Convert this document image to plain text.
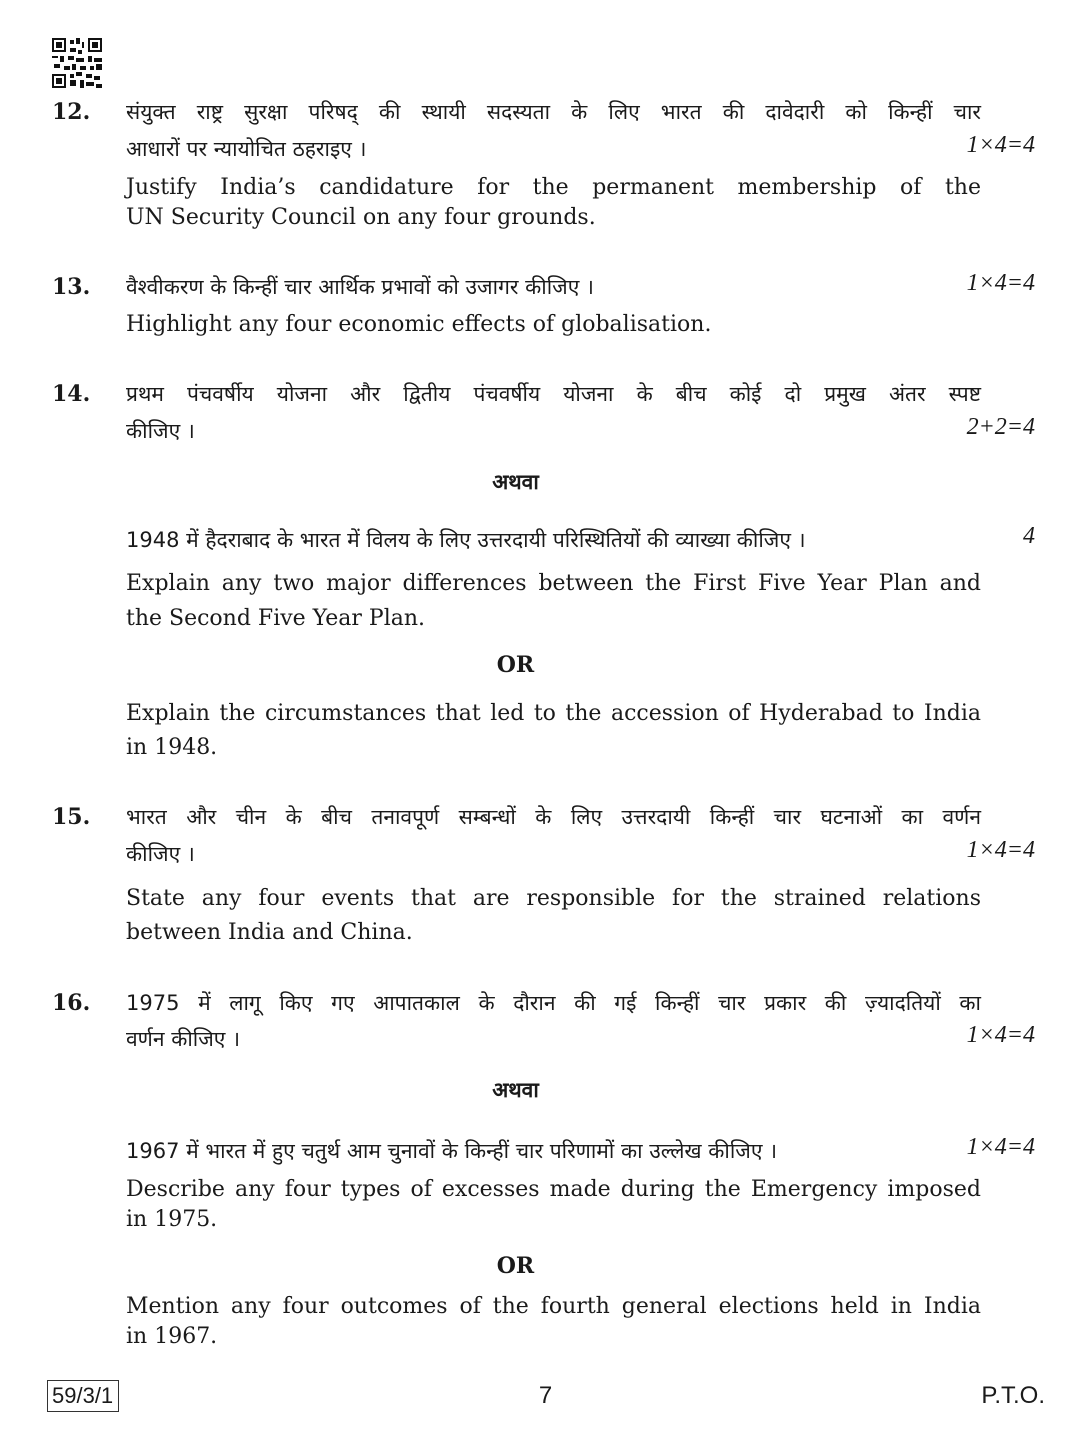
12. संयुक्त राष्ट्र सुरक्षा परिषद् की स्थायी सदस्यता के लिए भारत की दावेदारी को किन्हीं चार
आधारों पर न्यायोचित ठहराइए ।	1×4=4
Justify India’s candidature for the permanent membership of the
UN Security Council on any four grounds.
13. वैश्वीकरण के किन्हीं चार आर्थिक प्रभावों को उजागर कीजिए ।	1×4=4
Highlight any four economic effects of globalisation.
14. प्रथम पंचवर्षीय योजना और द्वितीय पंचवर्षीय योजना के बीच कोई दो प्रमुख अंतर स्पष्ट
कीजिए ।	2+2=4
अथवा
1948 में हैदराबाद के भारत में विलय के लिए उत्तरदायी परिस्थितियों की व्याख्या कीजिए ।	4
Explain any two major differences between the First Five Year Plan and
the Second Five Year Plan.
OR
Explain the circumstances that led to the accession of Hyderabad to India
in 1948.
15. भारत और चीन के बीच तनावपूर्ण सम्बन्धों के लिए उत्तरदायी किन्हीं चार घटनाओं का वर्णन
कीजिए ।	1×4=4
State any four events that are responsible for the strained relations
between India and China.
16. 1975 में लागू किए गए आपातकाल के दौरान की गई किन्हीं चार प्रकार की ज़्यादतियों का
वर्णन कीजिए ।	1×4=4
अथवा
1967 में भारत में हुए चतुर्थ आम चुनावों के किन्हीं चार परिणामों का उल्लेख कीजिए ।	1×4=4
Describe any four types of excesses made during the Emergency imposed
in 1975.
OR
Mention any four outcomes of the fourth general elections held in India
in 1967.
59/3/1	7	P.T.O.
